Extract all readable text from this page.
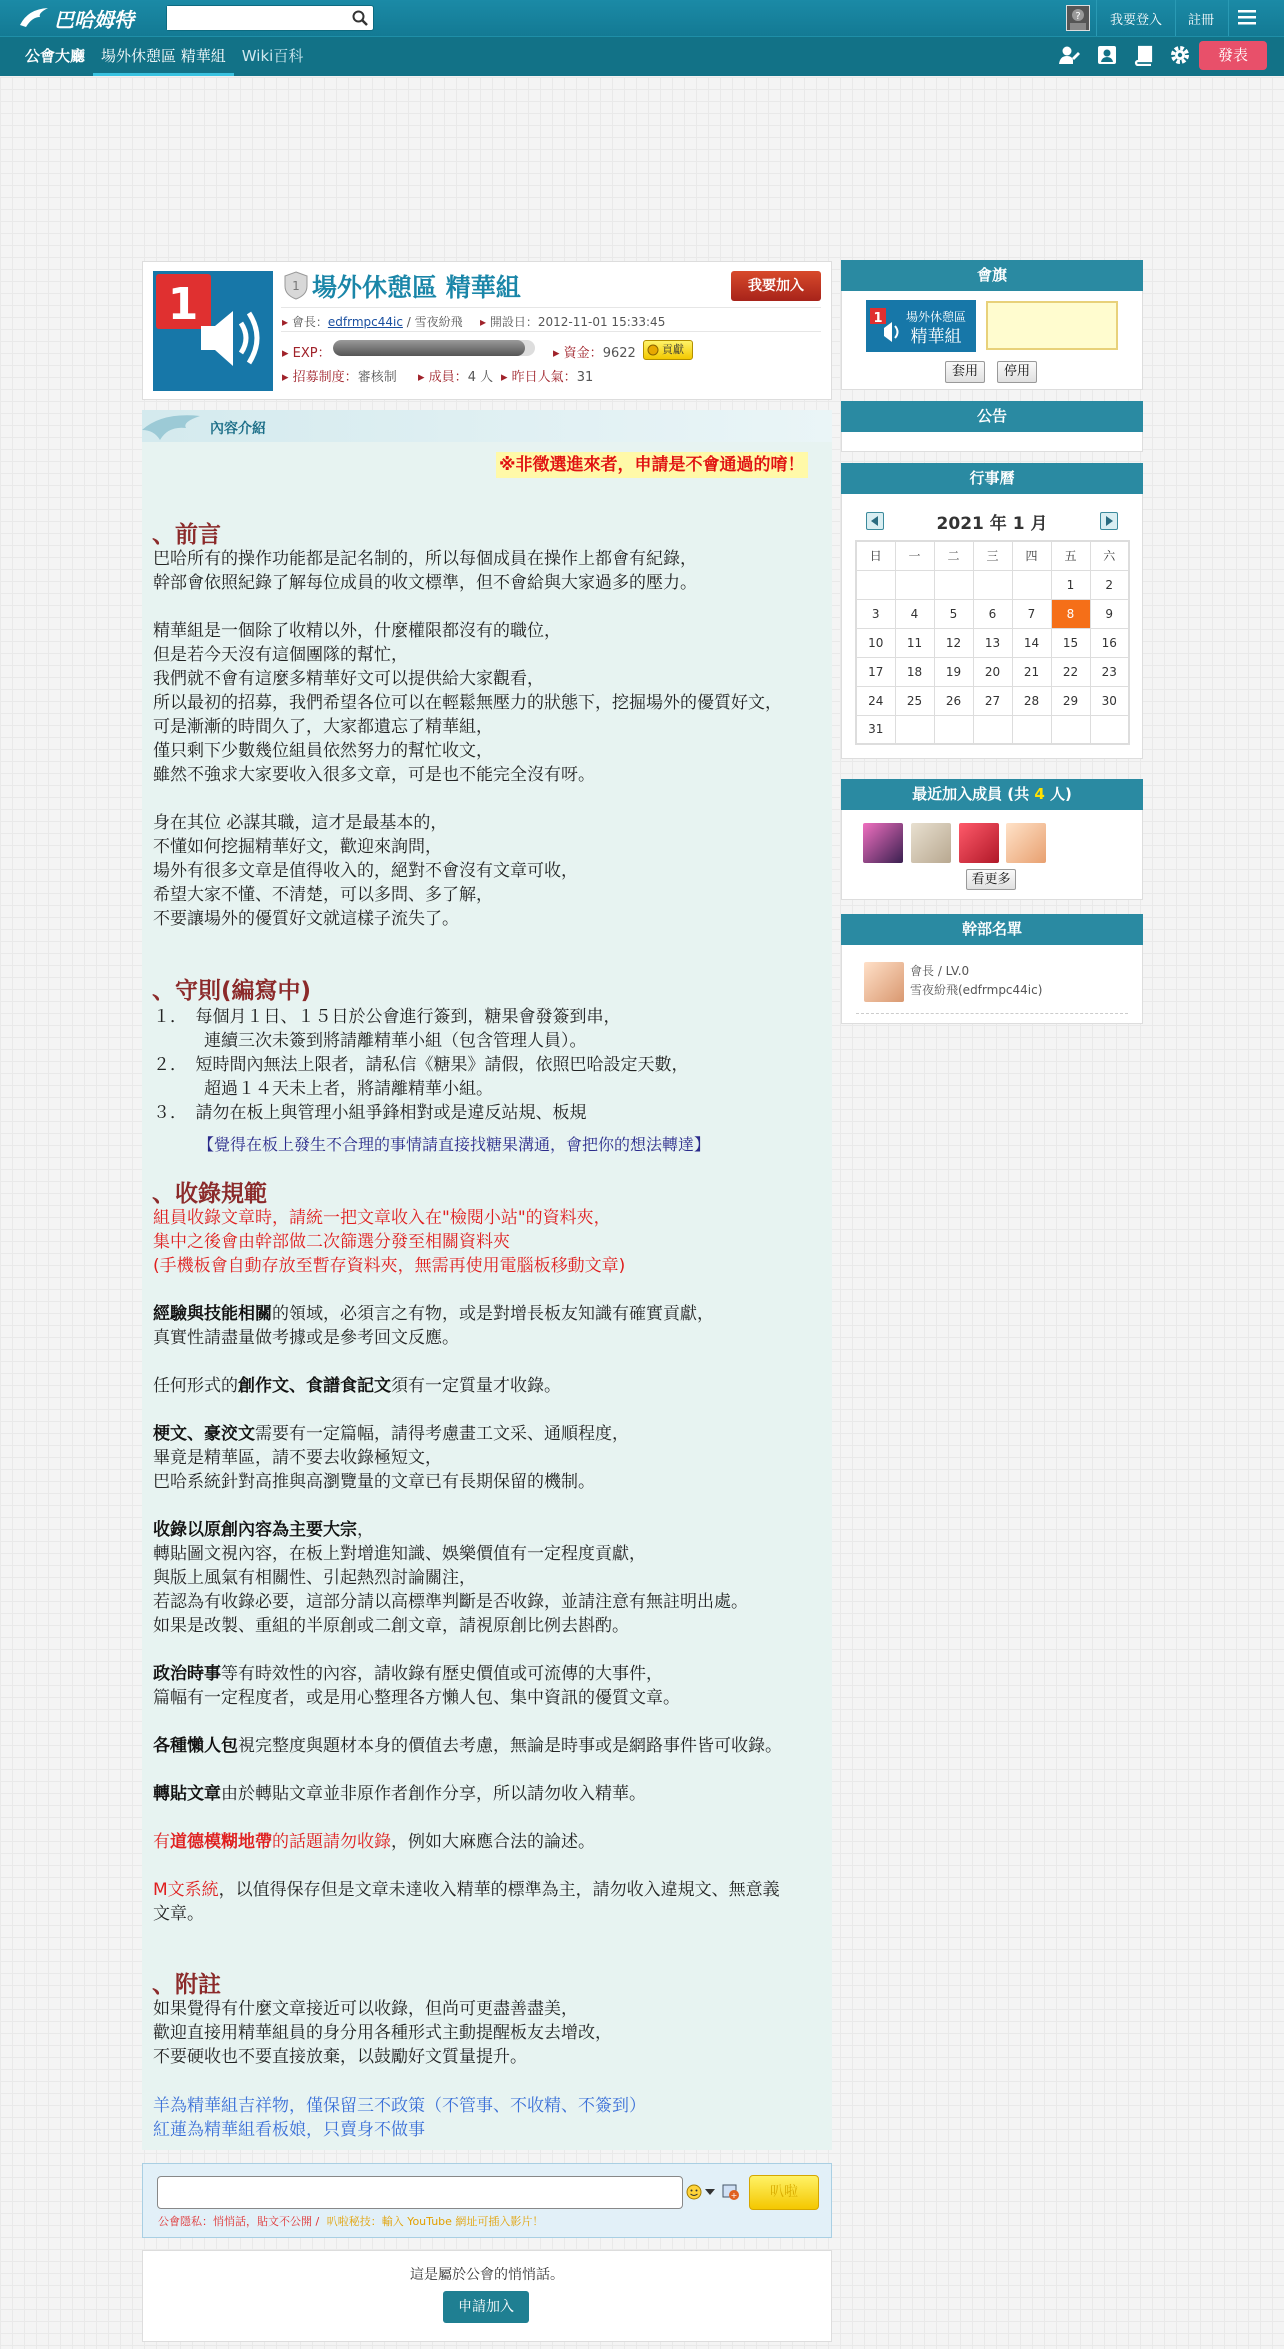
巴哈姆特	? 我要登入 註冊
公會大廳	場外休憩區 精華組	Wiki百科	發表
1	1 場外休憩區 精華組	我要加入
▸ 會長：edfrmpc44ic / 雪夜紛飛 ▸ 開設日：2012-11-01 15:33:45
▸ EXP：	▸ 資金：9622	貢獻
▸ 招募制度：審核制 ▸ 成員：4 人 ▸ 昨日人氣：31
內容介紹
※非徵選進來者，申請是不會通過的唷！
、前言
巴哈所有的操作功能都是記名制的，所以每個成員在操作上都會有紀錄，
幹部會依照紀錄了解每位成員的收文標準，但不會給與大家過多的壓力。
精華組是一個除了收精以外，什麼權限都沒有的職位，
但是若今天沒有這個團隊的幫忙，
我們就不會有這麼多精華好文可以提供給大家觀看，
所以最初的招募，我們希望各位可以在輕鬆無壓力的狀態下，挖掘場外的優質好文，
可是漸漸的時間久了，大家都遺忘了精華組，
僅只剩下少數幾位組員依然努力的幫忙收文，
雖然不強求大家要收入很多文章，可是也不能完全沒有呀。
身在其位 必謀其職，這才是最基本的，
不懂如何挖掘精華好文，歡迎來詢問，
場外有很多文章是值得收入的，絕對不會沒有文章可收，
希望大家不懂、不清楚，可以多問、多了解，
不要讓場外的優質好文就這樣子流失了。
、守則(編寫中)
１．　每個月１日、１５日於公會進行簽到，糖果會發簽到串，
　　　連續三次未簽到將請離精華小組（包含管理人員）。
２．　短時間內無法上限者，請私信《糖果》請假，依照巴哈設定天數，
　　　超過１４天未上者，將請離精華小組。
３．　請勿在板上與管理小組爭鋒相對或是違反站規、板規
【覺得在板上發生不合理的事情請直接找糖果溝通，會把你的想法轉達】
、收錄規範
組員收錄文章時，請統一把文章收入在"檢閱小站"的資料夾，
集中之後會由幹部做二次篩選分發至相關資料夾
(手機板會自動存放至暫存資料夾，無需再使用電腦板移動文章)
經驗與技能相關的領域，必須言之有物，或是對增長板友知識有確實貢獻，
真實性請盡量做考據或是參考回文反應。
任何形式的創作文、食譜食記文須有一定質量才收錄。
梗文、豪洨文需要有一定篇幅，請得考慮畫工文采、通順程度，
畢竟是精華區，請不要去收錄極短文，
巴哈系統針對高推與高瀏覽量的文章已有長期保留的機制。
收錄以原創內容為主要大宗，
轉貼圖文視內容，在板上對增進知識、娛樂價值有一定程度貢獻，
與版上風氣有相關性、引起熱烈討論關注，
若認為有收錄必要，這部分請以高標準判斷是否收錄，並請注意有無註明出處。
如果是改製、重組的半原創或二創文章，請視原創比例去斟酌。
政治時事等有時效性的內容，請收錄有歷史價值或可流傳的大事件，
篇幅有一定程度者，或是用心整理各方懶人包、集中資訊的優質文章。
各種懶人包視完整度與題材本身的價值去考慮，無論是時事或是網路事件皆可收錄。
轉貼文章由於轉貼文章並非原作者創作分享，所以請勿收入精華。
有道德模糊地帶的話題請勿收錄，例如大麻應合法的論述。
M文系統，以值得保存但是文章未達收入精華的標準為主，請勿收入違規文、無意義
文章。
、附註
如果覺得有什麼文章接近可以收錄，但尚可更盡善盡美，
歡迎直接用精華組員的身分用各種形式主動提醒板友去增改，
不要硬收也不要直接放棄，以鼓勵好文質量提升。
羊為精華組吉祥物，僅保留三不政策（不管事、不收精、不簽到）
紅蓮為精華組看板娘，只賣身不做事
+	叭啦
公會隱私：悄悄話，貼文不公開 / 叭啦秘技：輸入 YouTube 網址可插入影片！
這是屬於公會的悄悄話。
申請加入
會旗
1 場外休憩區
精華組
套用	停用
公告
行事曆
2021 年 1 月
日	一	二	三	四	五	六
					1	2
3	4	5	6	7	8	9
10	11	12	13	14	15	16
17	18	19	20	21	22	23
24	25	26	27	28	29	30
31						
最近加入成員 (共 4 人)
看更多
幹部名單
會長 / LV.0
雪夜紛飛(edfrmpc44ic)
